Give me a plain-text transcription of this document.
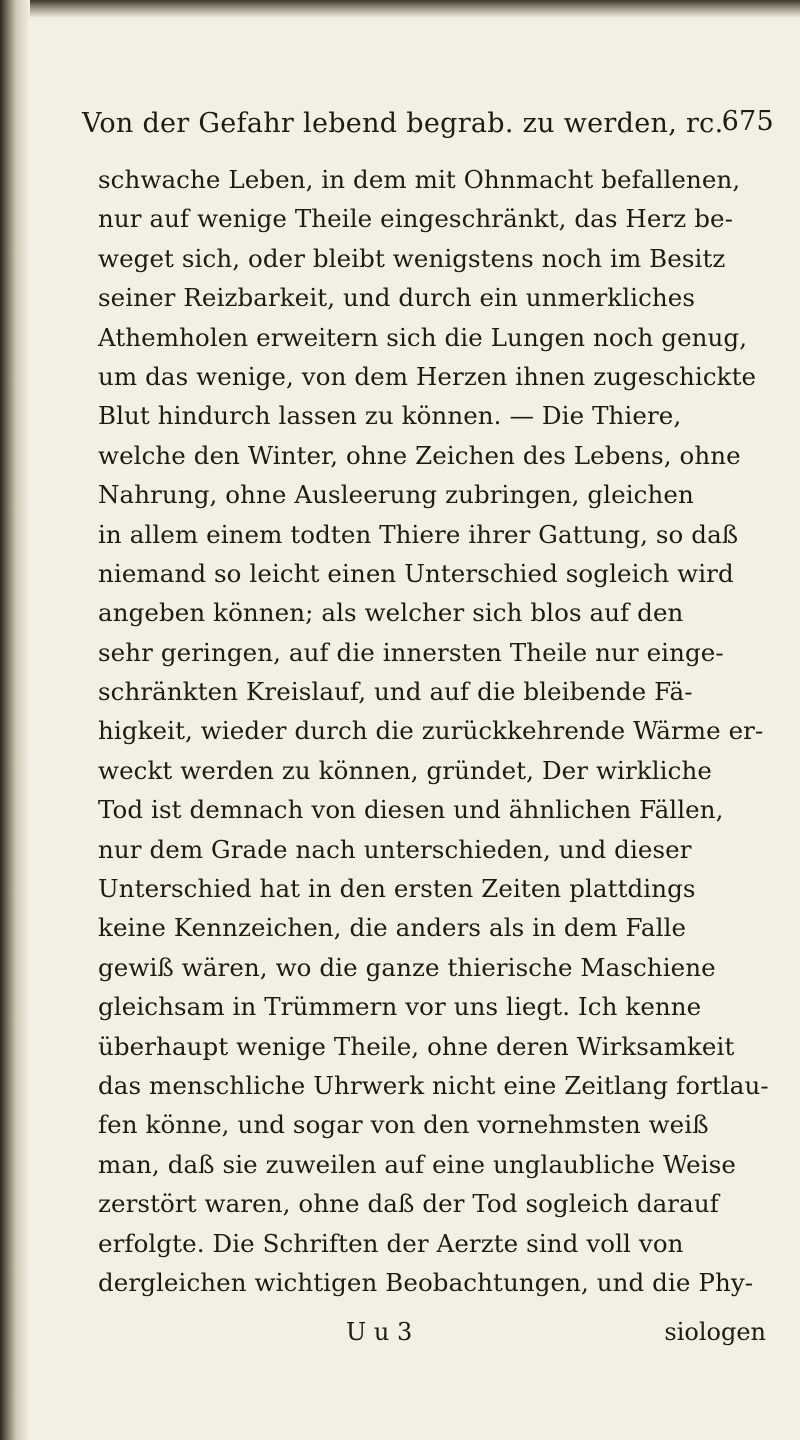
Von der Gefahr lebend begrab. zu werden, rc.
675
schwache Leben, in dem mit Ohnmacht befallenen,
nur auf wenige Theile eingeschränkt, das Herz be-
weget sich, oder bleibt wenigstens noch im Besitz
seiner Reizbarkeit, und durch ein unmerkliches
Athemholen erweitern sich die Lungen noch genug,
um das wenige, von dem Herzen ihnen zugeschickte
Blut hindurch lassen zu können. — Die Thiere,
welche den Winter, ohne Zeichen des Lebens, ohne
Nahrung, ohne Ausleerung zubringen, gleichen
in allem einem todten Thiere ihrer Gattung, so daß
niemand so leicht einen Unterschied sogleich wird
angeben können; als welcher sich blos auf den
sehr geringen, auf die innersten Theile nur einge-
schränkten Kreislauf, und auf die bleibende Fä-
higkeit, wieder durch die zurückkehrende Wärme er-
weckt werden zu können, gründet, Der wirkliche
Tod ist demnach von diesen und ähnlichen Fällen,
nur dem Grade nach unterschieden, und dieser
Unterschied hat in den ersten Zeiten plattdings
keine Kennzeichen, die anders als in dem Falle
gewiß wären, wo die ganze thierische Maschiene
gleichsam in Trümmern vor uns liegt. Ich kenne
überhaupt wenige Theile, ohne deren Wirksamkeit
das menschliche Uhrwerk nicht eine Zeitlang fortlau-
fen könne, und sogar von den vornehmsten weiß
man, daß sie zuweilen auf eine unglaubliche Weise
zerstört waren, ohne daß der Tod sogleich darauf
erfolgte. Die Schriften der Aerzte sind voll von
dergleichen wichtigen Beobachtungen, und die Phy-
U u 3	siologen
